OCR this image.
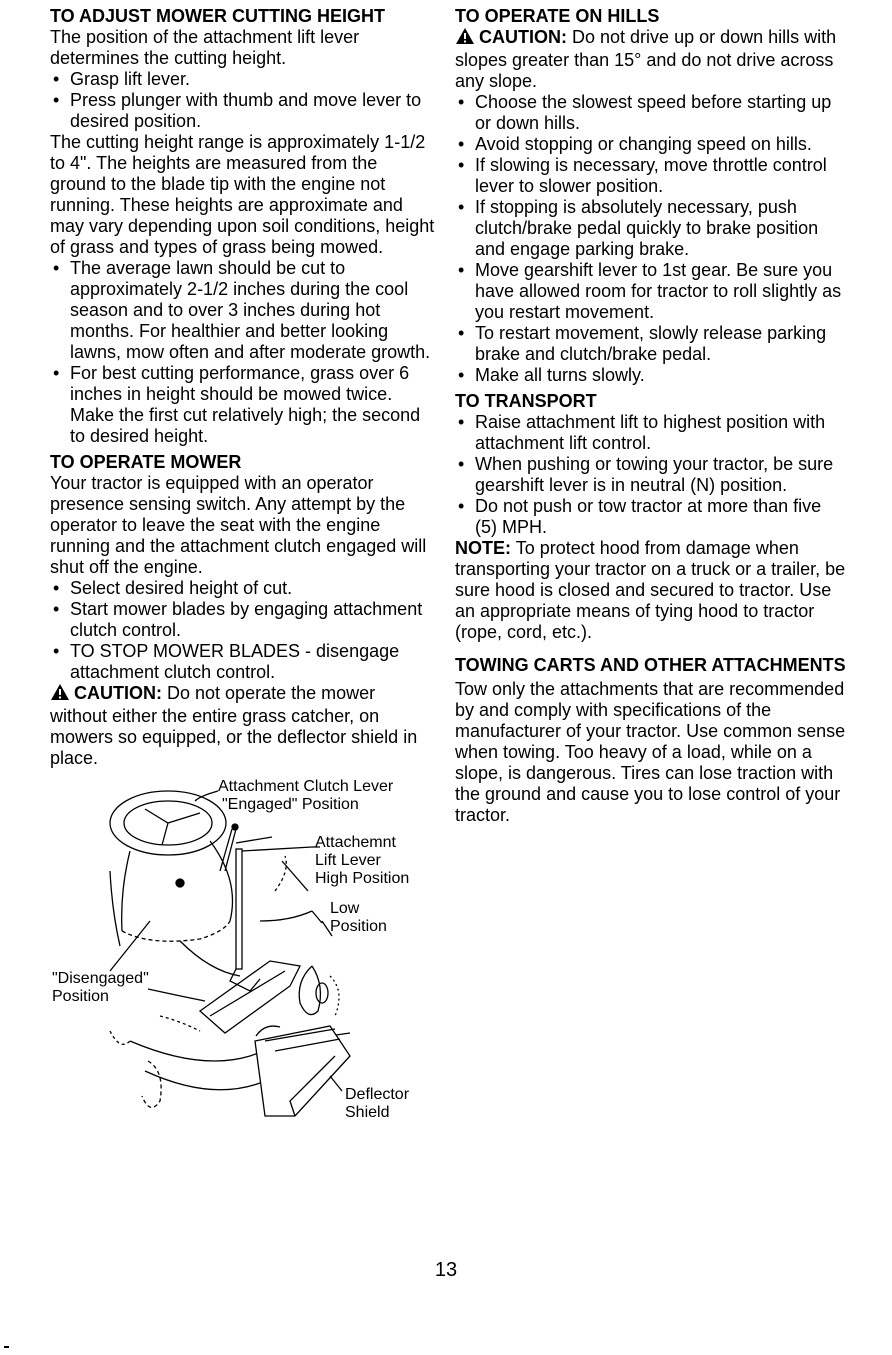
TO ADJUST MOWER CUTTING HEIGHT

The position of the attachment lift lever determines the cutting height.

• Grasp lift lever.
• Press plunger with thumb and move lever to desired position.

The cutting height range is approximately 1-1/2 to 4". The heights are measured from the ground to the blade tip with the engine not running. These heights are approximate and may vary depending upon soil conditions, height of grass and types of grass being mowed.

• The average lawn should be cut to approximately 2-1/2 inches during the cool season and to over 3 inches during hot months. For healthier and better looking lawns, mow often and after moderate growth.
• For best cutting performance, grass over 6 inches in height should be mowed twice. Make the first cut relatively high; the second to desired height.
TO OPERATE MOWER

Your tractor is equipped with an operator presence sensing switch. Any attempt by the operator to leave the seat with the engine running and the attachment clutch engaged will shut off the engine.

• Select desired height of cut.
• Start mower blades by engaging attachment clutch control.
• TO STOP MOWER BLADES - disengage attachment clutch control.

CAUTION: Do not operate the mower without either the entire grass catcher, on mowers so equipped, or the deflector shield in place.

Attachment Clutch Lever
"Engaged" Position
Attachemnt
Lift Lever
High Position
Low
Position
"Disengaged"
Position
Deflector
Shield
TO OPERATE ON HILLS

CAUTION: Do not drive up or down hills with slopes greater than 15° and do not drive across any slope.

• Choose the slowest speed before starting up or down hills.
• Avoid stopping or changing speed on hills.
• If slowing is necessary, move throttle control lever to slower position.
• If stopping is absolutely necessary, push clutch/brake pedal quickly to brake position and engage parking brake.
• Move gearshift lever to 1st gear. Be sure you have allowed room for tractor to roll slightly as you restart movement.
• To restart movement, slowly release parking brake and clutch/brake pedal.
• Make all turns slowly.
TO TRANSPORT
• Raise attachment lift to highest position with attachment lift control.
• When pushing or towing your tractor, be sure gearshift lever is in neutral (N) position.
• Do not push or tow tractor at more than five (5) MPH.

NOTE: To protect hood from damage when transporting your tractor on a truck or a trailer, be sure hood is closed and secured to tractor. Use an appropriate means of tying hood to tractor (rope, cord, etc.).

TOWING CARTS AND OTHER ATTACHMENTS

Tow only the attachments that are recommended by and comply with specifications of the manufacturer of your tractor. Use common sense when towing. Too heavy of a load, while on a slope, is dangerous. Tires can lose traction with the ground and cause you to lose control of your tractor.

13
